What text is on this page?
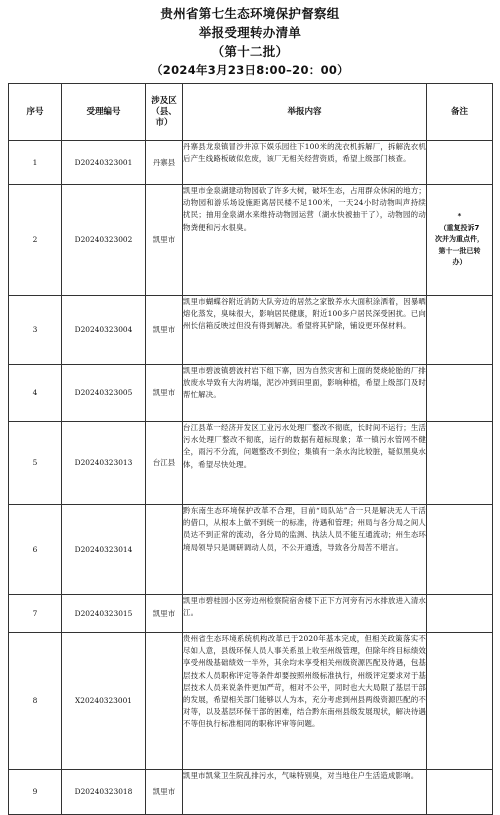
贵州省第七生态环境保护督察组
举报受理转办清单
（第十二批）
（2024年3月23日8:00–20：00）
序号	受理编号	涉及区（县、市）	举报内容	备注
1	D20240323001	丹寨县	丹寨县龙泉镇冒沙井凉下娱乐园往下100米的洗衣机拆解厂，拆解洗衣机后产生线路板破似危废，该厂无相关经营资质，希望上级部门核查。	
2	D20240323002	凯里市	凯里市金泉湖建动物园砍了许多大树，破坏生态，占用群众休闲的地方；动物园和游乐场设施距离居民楼不足100米，一天24小时动物叫声持续扰民；抽用金泉湖水来维持动物园运营（湖水快被抽干了），动物园的动物粪便和污水很臭。	*
（重复投诉7
次并为重点件，
第十一批已转
办）

3	D20240323004	凯里市	凯里市蝴蝶谷附近消防大队旁边的居然之家散养水大面积涂洒着，因暴晒熔化蒸发，臭味很大，影响居民健康，附近100多户居民深受困扰。已向州长信箱反映过但没有得到解决。希望将其铲除，铺设更环保材料。	
4	D20240323005	凯里市	凯里市碧波镇碧波村岩下组下寨，因为自然灾害和上面的焚烧轮胎的厂排放废水导致有大沟坍塌，泥沙冲到田里面，影响种植，希望上级部门及时帮忙解决。	
5	D20240323013	台江县	台江县革一经济开发区工业污水处理厂整改不彻底，长时间不运行；生活污水处理厂整改不彻底，运行的数据有超标现象；革一镇污水管网不健全，雨污不分流，问题整改不到位；集镇有一条水沟比较脏，疑似黑臭水体，希望尽快处理。	
6	D20240323014		黔东南生态环境保护改革不合理，目前“局队站”合一只是解决无人干活的借口，从根本上做不到统一的标准，待遇和管理；州局与各分局之间人员达不到正常的流动，各分局的监测、执法人员不能互通流动；州生态环境局领导只是调研调动人员，不公开通透，导致各分局苦不堪言。	
7	D20240323015	凯里市	凯里市碧桂园小区旁边州检察院宿舍楼下正下方河旁有污水排放进入清水江。	
8	X20240323001		贵州省生态环境系统机构改革已于2020年基本完成，但相关政策落实不尽如人意，县级环保人员人事关系虽上收至州级管理，但除年终目标绩效享受州级基础绩效一半外，其余均未享受相关州级资源匹配及待遇，包基层技术人员职称评定等条件却要按照州级标准执行，州级评定要求对于基层技术人员来说条件更加严苛，相对不公平，同时也大大局限了基层干部的发展，希望相关部门能够以人为本，充分考虑到州县两级资源匹配的不对等，以及基层环保干部的困难，结合黔东南州县级发展现状，解决待遇不等但执行标准相同的职称评审等问题。	
9	D20240323018	凯里市	凯里市凯棠卫生院乱排污水，气味特别臭，对当地住户生活造成影响。	
